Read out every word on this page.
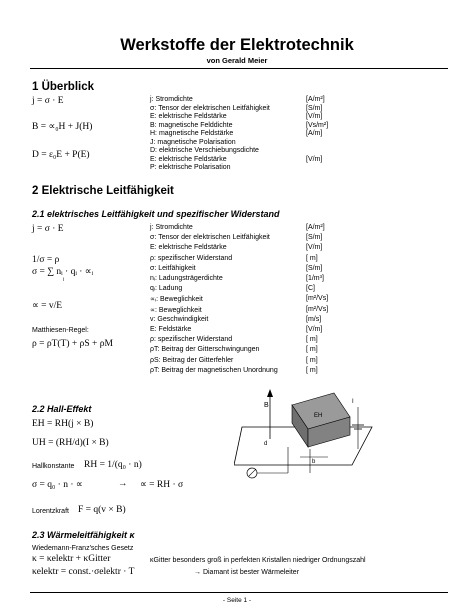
Werkstoffe der Elektrotechnik
von Gerald Meier
1 Überblick
j = σ · E
B = ∝₀H + J(H)
D = ε₀E + P(E)
j: Stromdichte	[A/m²]
σ: Tensor der elektrischen Leitfähigkeit	[S/m]
E: elektrische Feldstärke	[V/m]
B: magnetische Felddichte	[Vs/m²]
H: magnetische Feldstärke	[A/m]
J: magnetische Polarisation
D: elektrische Verschiebungsdichte
E: elektrische Feldstärke	[V/m]
P: elektrische Polarisation
2 Elektrische Leitfähigkeit
2.1 elektrisches Leitfähigkeit und spezifischer Widerstand
j = σ · E
1/σ = ρ
σ = ∑ nᵢ · qᵢ · ∝ᵢ
i
∝ = v/E
Matthiesen-Regel:
ρ = ρT(T) + ρS + ρM
j: Stromdichte	[A/m²]
σ: Tensor der elektrischen Leitfähigkeit	[S/m]
E: elektrische Feldstärke	[V/m]
ρ: spezifischer Widerstand	[ m]
σ: Leitfähigkeit	[S/m]
nᵢ: Ladungsträgerdichte	[1/m³]
qᵢ: Ladung	[C]
∝ᵢ: Beweglichkeit	[m²/Vs]
∝: Beweglichkeit	[m²/Vs]
v: Geschwindigkeit	[m/s]
E: Feldstärke	[V/m]
ρ: spezifischer Widerstand	[ m]
ρT: Beitrag der Gitterschwingungen	[ m]
ρS: Beitrag der Gitterfehler	[ m]
ρT: Beitrag der magnetischen Unordnung	[ m]
2.2 Hall-Effekt
EH = RH(j × B)
UH = (RH/d)(I × B)
Hallkonstante RH = 1/(q₀ · n)
σ = q₀ · n · ∝	→ ∝ = RH · σ
Lorentzkraft F = q(v × B)
B
EH
I
d
b
2.3 Wärmeleitfähigkeit κ
Wiedemann-Franz'sches Gesetz
κ = κelektr + κGitter
κelektr = const.·σelektr · T
κGitter besonders groß in perfekten Kristallen niedriger Ordnungszahl
→ Diamant ist bester Wärmeleiter
- Seite 1 -
